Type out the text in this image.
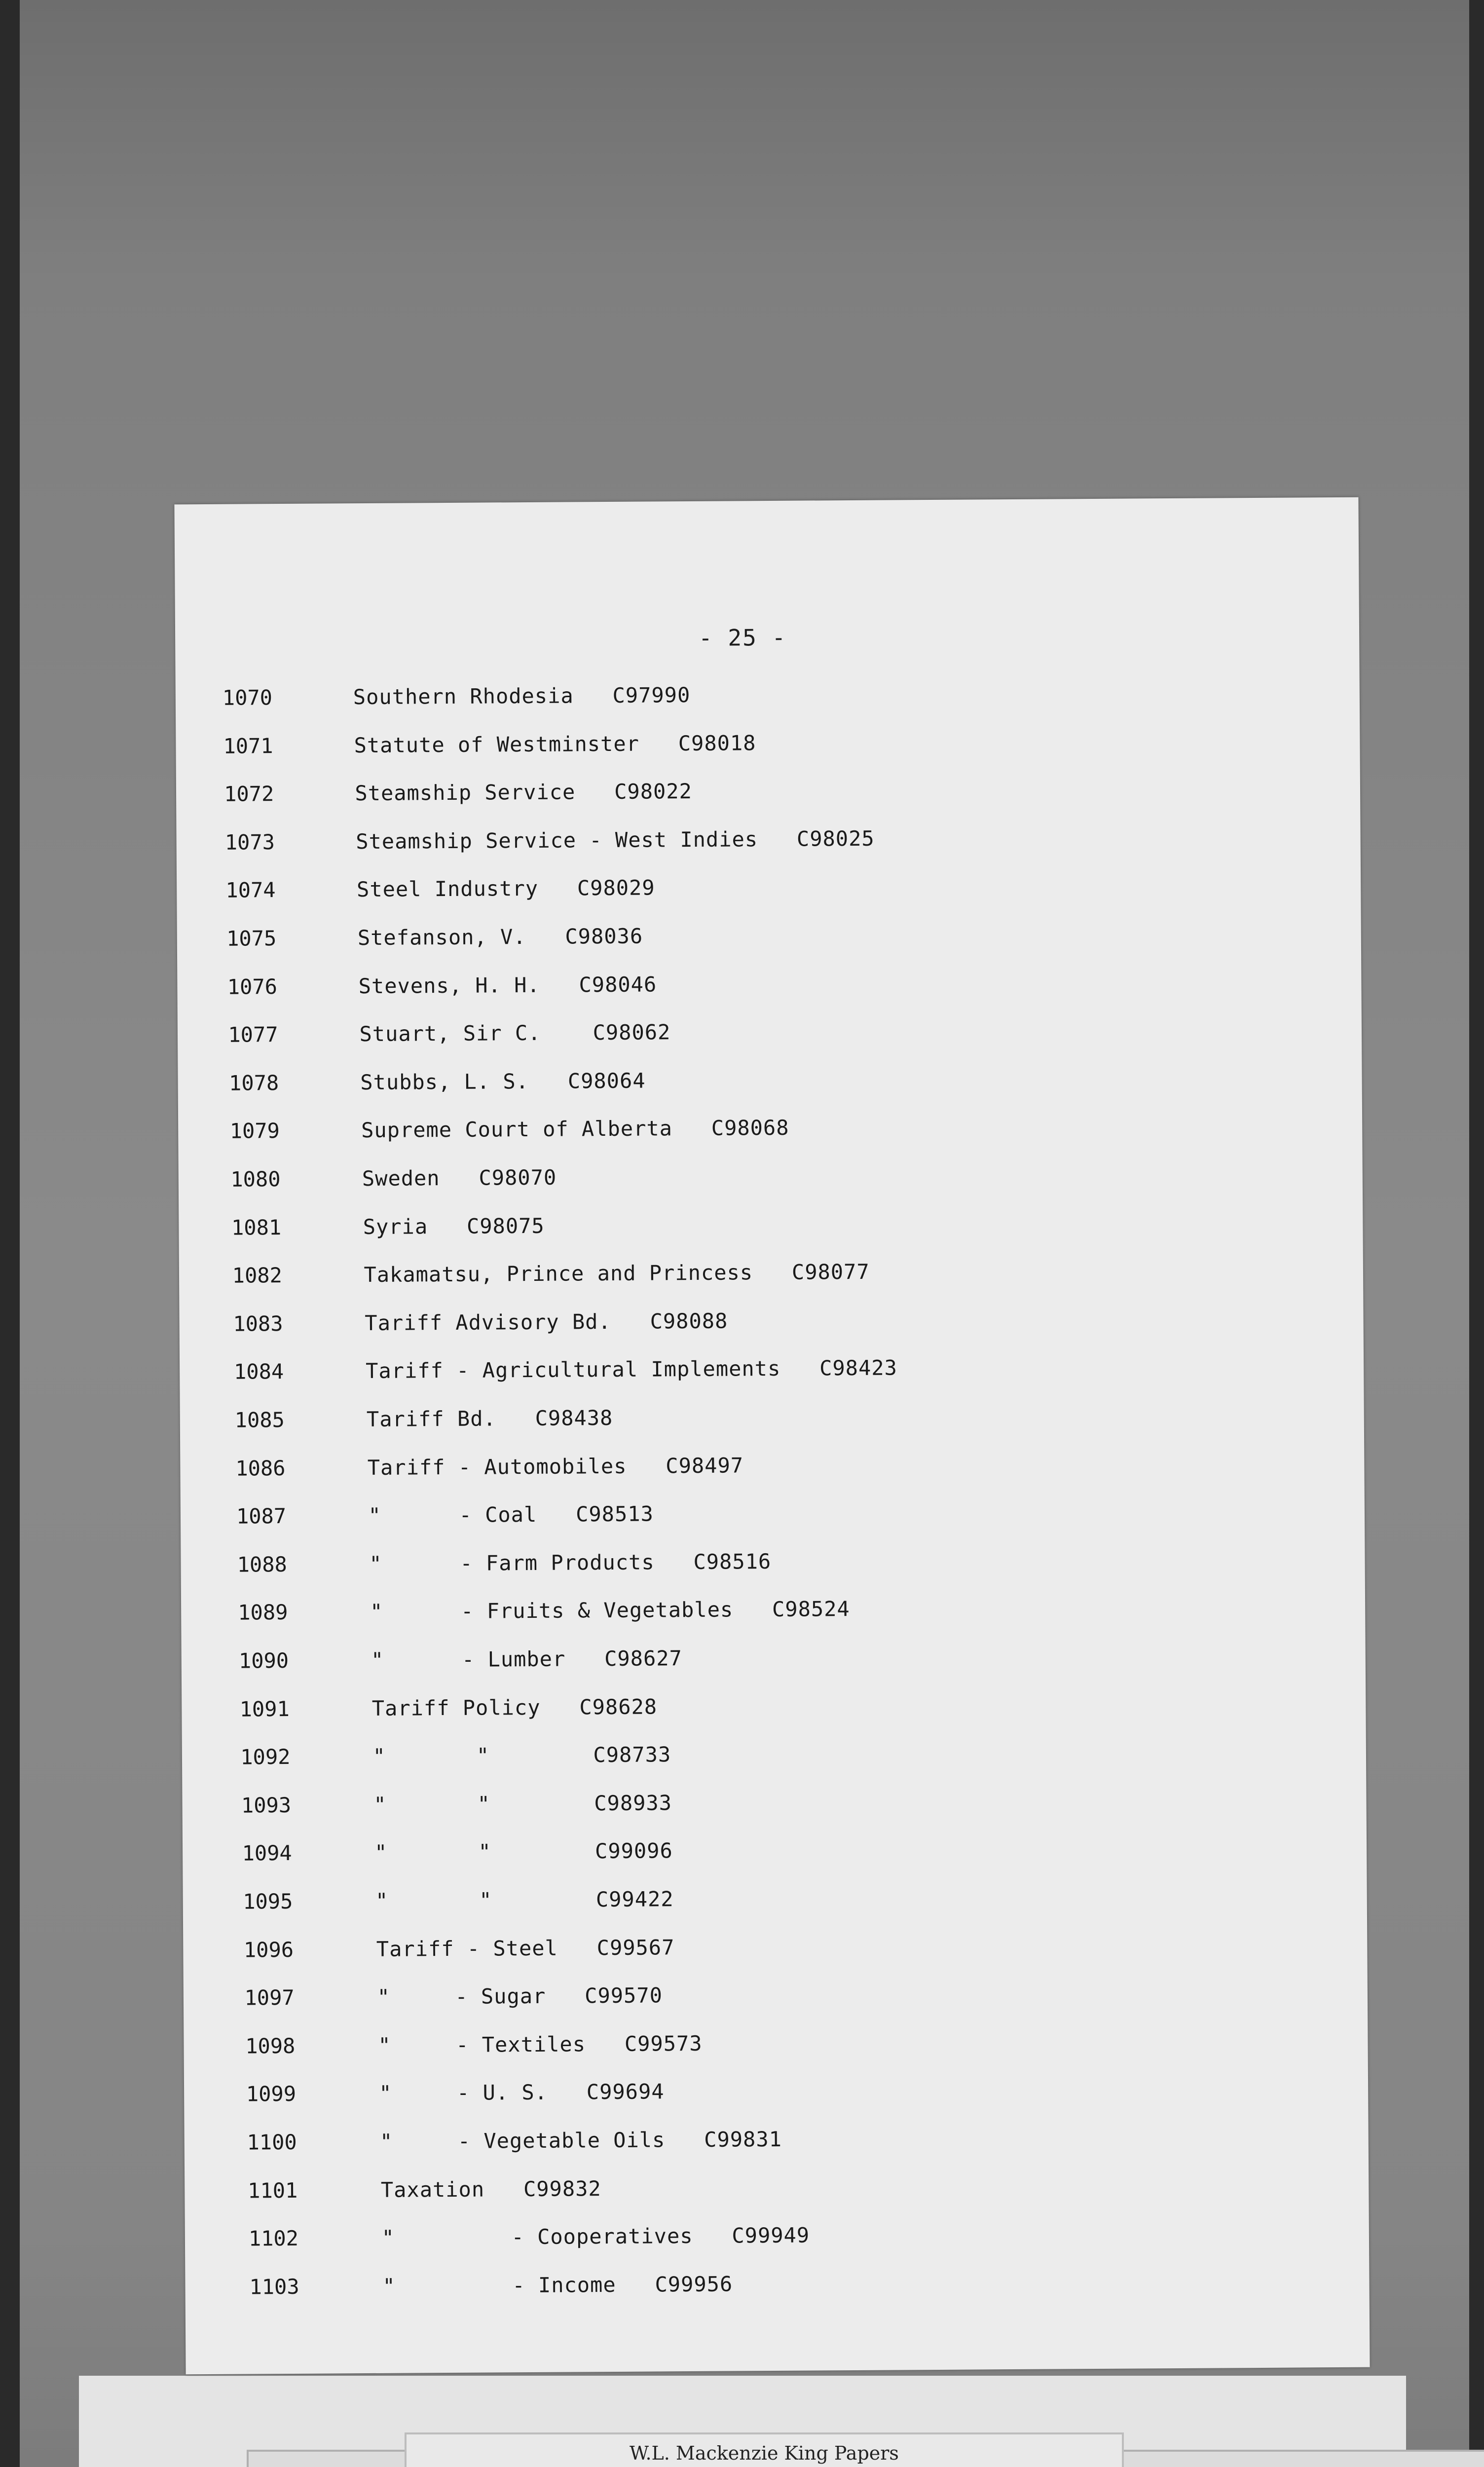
- 25 -
1070	Southern Rhodesia   C97990
1071	Statute of Westminster   C98018
1072	Steamship Service   C98022
1073	Steamship Service - West Indies   C98025
1074	Steel Industry   C98029
1075	Stefanson, V.   C98036
1076	Stevens, H. H.   C98046
1077	Stuart, Sir C.    C98062
1078	Stubbs, L. S.   C98064
1079	Supreme Court of Alberta   C98068
1080	Sweden   C98070
1081	Syria   C98075
1082	Takamatsu, Prince and Princess   C98077
1083	Tariff Advisory Bd.   C98088
1084	Tariff - Agricultural Implements   C98423
1085	Tariff Bd.   C98438
1086	Tariff - Automobiles   C98497
1087	"      - Coal   C98513
1088	"      - Farm Products   C98516
1089	"      - Fruits & Vegetables   C98524
1090	"      - Lumber   C98627
1091	Tariff Policy   C98628
1092	"       "        C98733
1093	"       "        C98933
1094	"       "        C99096
1095	"       "        C99422
1096	Tariff - Steel   C99567
1097	"     - Sugar   C99570
1098	"     - Textiles   C99573
1099	"     - U. S.   C99694
1100	"     - Vegetable Oils   C99831
1101	Taxation   C99832
1102	"         - Cooperatives   C99949
1103	"         - Income   C99956
W.L. Mackenzie King Papers
